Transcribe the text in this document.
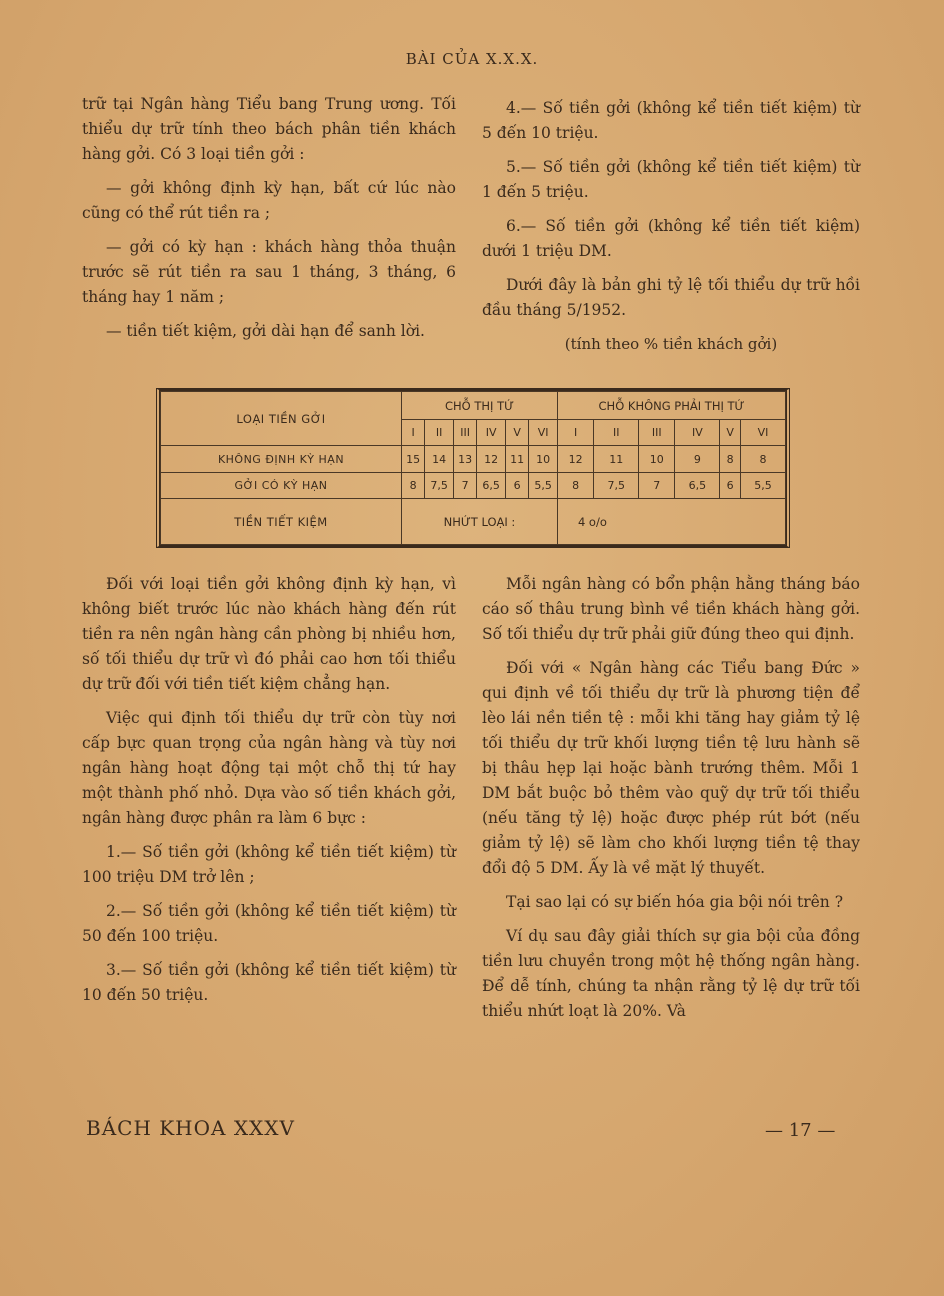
BÀI CỦA X.X.X.

trữ tại Ngân hàng Tiểu bang Trung ương. Tối thiểu dự trữ tính theo bách phân tiền khách hàng gởi. Có 3 loại tiền gởi :

— gởi không định kỳ hạn, bất cứ lúc nào cũng có thể rút tiền ra ;

— gởi có kỳ hạn : khách hàng thỏa thuận trước sẽ rút tiền ra sau 1 tháng, 3 tháng, 6 tháng hay 1 năm ;

— tiền tiết kiệm, gởi dài hạn để sanh lời.

4.— Số tiền gởi (không kể tiền tiết kiệm) từ 5 đến 10 triệu.

5.— Số tiền gởi (không kể tiền tiết kiệm) từ 1 đến 5 triệu.

6.— Số tiền gởi (không kể tiền tiết kiệm) dưới 1 triệu DM.

Dưới đây là bản ghi tỷ lệ tối thiểu dự trữ hồi đầu tháng 5/1952.

(tính theo % tiền khách gởi)
LOẠI TIỀN GỞI	CHỖ THỊ TỨ						CHỖ KHÔNG PHẢI THỊ TỨ					
	I	II	III	IV	V	VI	I	II	III	IV	V	VI
KHÔNG ĐỊNH KỲ HẠN	15	14	13	12	11	10	12	11	10	9	8	8
GỞI CÓ KỲ HẠN	8	7,5	7	6,5	6	5,5	8	7,5	7	6,5	6	5,5
TIỀN TIẾT KIỆM	NHỨT LOẠI :						4 o/o					

Đối với loại tiền gởi không định kỳ hạn, vì không biết trước lúc nào khách hàng đến rút tiền ra nên ngân hàng cần phòng bị nhiều hơn, số tối thiểu dự trữ vì đó phải cao hơn tối thiểu dự trữ đối với tiền tiết kiệm chẳng hạn.

Việc qui định tối thiểu dự trữ còn tùy nơi cấp bực quan trọng của ngân hàng và tùy nơi ngân hàng hoạt động tại một chỗ thị tứ hay một thành phố nhỏ. Dựa vào số tiền khách gởi, ngân hàng được phân ra làm 6 bực :

1.— Số tiền gởi (không kể tiền tiết kiệm) từ 100 triệu DM trở lên ;

2.— Số tiền gởi (không kể tiền tiết kiệm) từ 50 đến 100 triệu.

3.— Số tiền gởi (không kể tiền tiết kiệm) từ 10 đến 50 triệu.

Mỗi ngân hàng có bổn phận hằng tháng báo cáo số thâu trung bình về tiền khách hàng gởi. Số tối thiểu dự trữ phải giữ đúng theo qui định.

Đối với « Ngân hàng các Tiểu bang Đức » qui định về tối thiểu dự trữ là phương tiện để lèo lái nền tiền tệ : mỗi khi tăng hay giảm tỷ lệ tối thiểu dự trữ khối lượng tiền tệ lưu hành sẽ bị thâu hẹp lại hoặc bành trướng thêm. Mỗi 1 DM bắt buộc bỏ thêm vào quỹ dự trữ tối thiểu (nếu tăng tỷ lệ) hoặc được phép rút bớt (nếu giảm tỷ lệ) sẽ làm cho khối lượng tiền tệ thay đổi độ 5 DM. Ấy là về mặt lý thuyết.

Tại sao lại có sự biến hóa gia bội nói trên ?

Ví dụ sau đây giải thích sự gia bội của đồng tiền lưu chuyền trong một hệ thống ngân hàng. Để dễ tính, chúng ta nhận rằng tỷ lệ dự trữ tối thiểu nhứt loạt là 20%. Và

BÁCH KHOA XXXV	— 17 —
